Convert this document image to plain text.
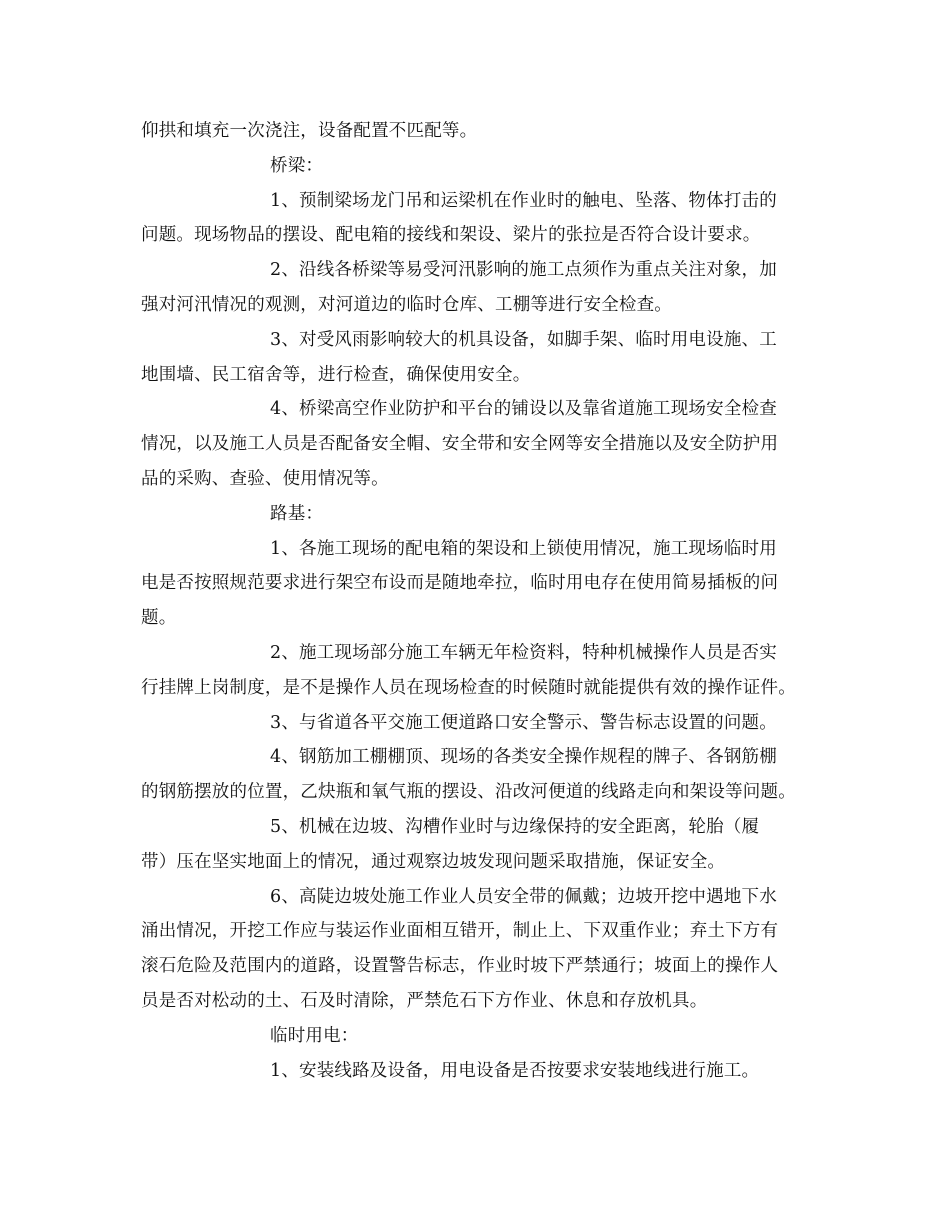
仰拱和填充一次浇注，设备配置不匹配等。
桥梁：
1、预制梁场龙门吊和运梁机在作业时的触电、坠落、物体打击的
问题。现场物品的摆设、配电箱的接线和架设、梁片的张拉是否符合设计要求。
2、沿线各桥梁等易受河汛影响的施工点须作为重点关注对象，加
强对河汛情况的观测，对河道边的临时仓库、工棚等进行安全检查。
3、对受风雨影响较大的机具设备，如脚手架、临时用电设施、工
地围墙、民工宿舍等，进行检查，确保使用安全。
4、桥梁高空作业防护和平台的铺设以及靠省道施工现场安全检查
情况，以及施工人员是否配备安全帽、安全带和安全网等安全措施以及安全防护用
品的采购、查验、使用情况等。
路基：
1、各施工现场的配电箱的架设和上锁使用情况，施工现场临时用
电是否按照规范要求进行架空布设而是随地牵拉，临时用电存在使用简易插板的问
题。
2、施工现场部分施工车辆无年检资料，特种机械操作人员是否实
行挂牌上岗制度，是不是操作人员在现场检查的时候随时就能提供有效的操作证件。
3、与省道各平交施工便道路口安全警示、警告标志设置的问题。
4、钢筋加工棚棚顶、现场的各类安全操作规程的牌子、各钢筋棚
的钢筋摆放的位置，乙炔瓶和氧气瓶的摆设、沿改河便道的线路走向和架设等问题。
5、机械在边坡、沟槽作业时与边缘保持的安全距离，轮胎（履
带）压在坚实地面上的情况，通过观察边坡发现问题采取措施，保证安全。
6、高陡边坡处施工作业人员安全带的佩戴；边坡开挖中遇地下水
涌出情况，开挖工作应与装运作业面相互错开，制止上、下双重作业；弃土下方有
滚石危险及范围内的道路，设置警告标志，作业时坡下严禁通行；坡面上的操作人
员是否对松动的土、石及时清除，严禁危石下方作业、休息和存放机具。
临时用电：
1、安装线路及设备，用电设备是否按要求安装地线进行施工。
